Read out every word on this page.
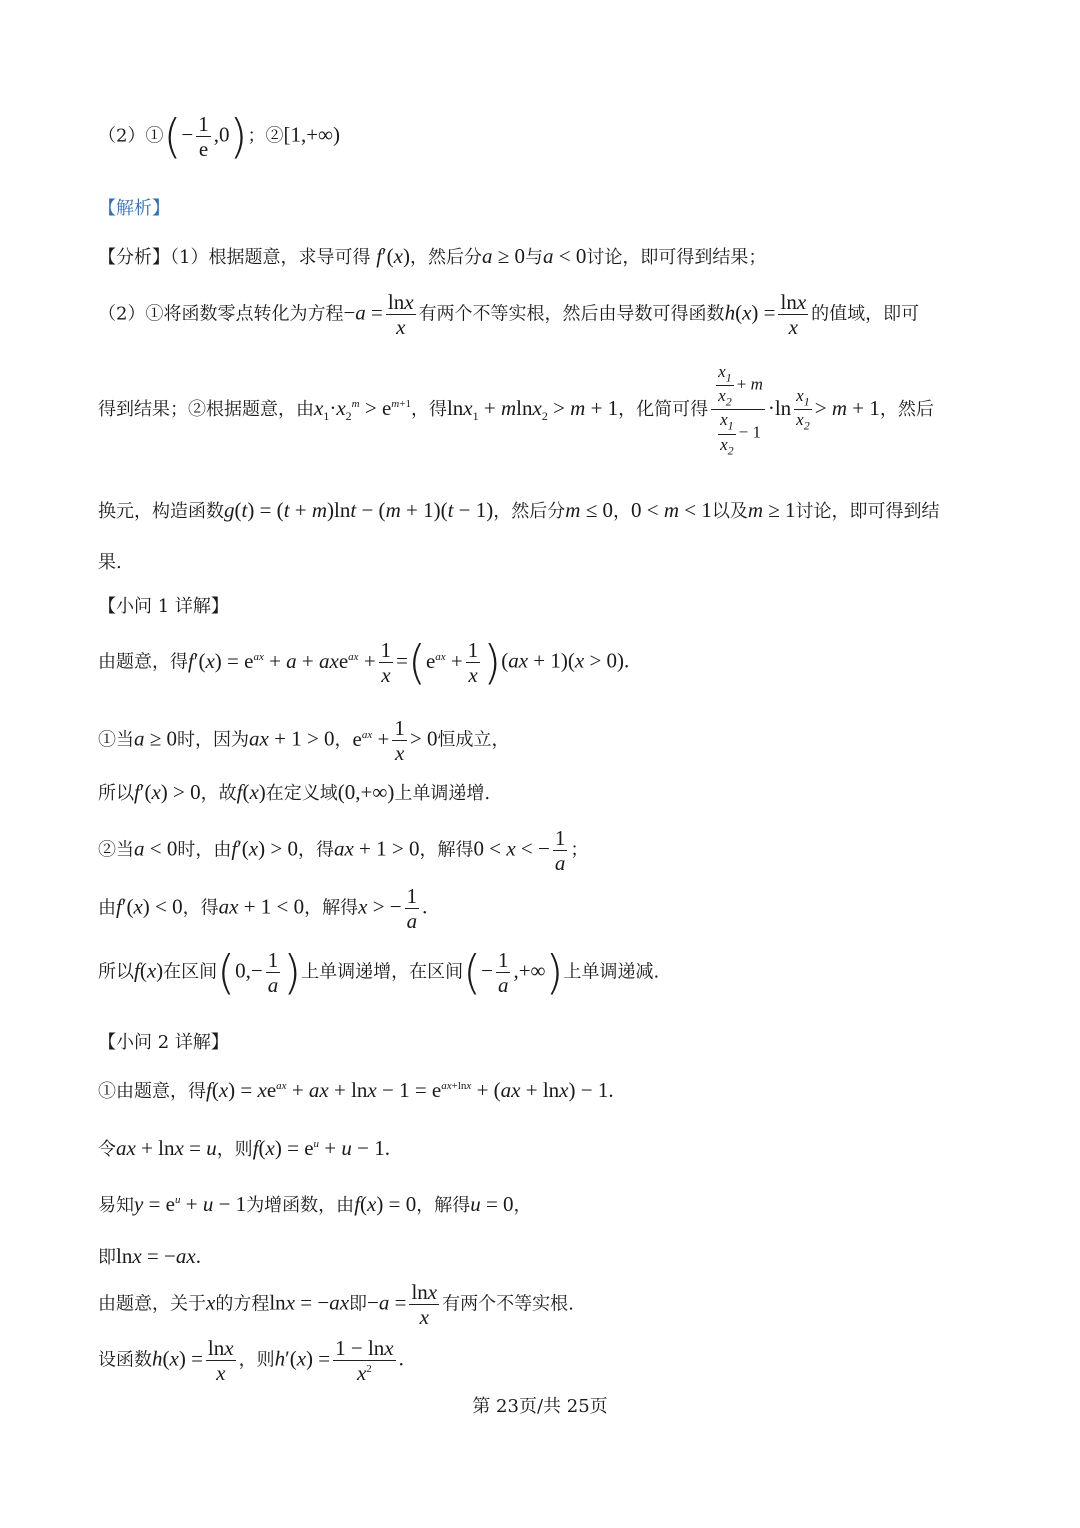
（2）①(− $\frac{1}{e} ,0$)；②[1,+∞)
【解析】
【分析】（1）根据题意，求导可得 f′(x)，然后分a ≥ 0与a < 0讨论，即可得到结果；
（2）①将函数零点转化为方程$-a = \frac{\ln x}{x}$ 有两个不等实根，然后由导数可得函数$h(x) = \frac{\ln x}{x}$ 的值域，即可
得到结果；②根据题意，由$x_1\cdot x_2^m > e^{m+1}$，得lnx$_1$ + mlnx$_2$ > m + 1，化简可得 $\frac{\frac{x_1}{x_2} + m}{\frac{x_1}{x_2} - 1} \cdot\ln \frac{x_1}{x_2} > m + 1$，然后
换元，构造函数g(t) = (t + m)lnt − (m + 1)(t − 1)，然后分m ≤ 0，0 < m < 1以及m ≥ 1讨论，即可得到结
果.
【小问 1 详解】
由题意，得$f'(x) = e^{ax} + a + axe^{ax} + \frac{1}{x} =(e^{ax} + \frac{1}{x} )(ax + 1)(x > 0)$.
①当a ≥ 0时，因为ax + 1 > 0，$e^{ax} + \frac{1}{x} > 0$恒成立，
所以f′(x) > 0，故f(x)在定义域(0,+∞)上单调递增.
②当a < 0时，由f′(x) > 0，得ax + 1 > 0，解得0 < x < − $\frac{1}{a}$ ；
由f′(x) < 0，得ax + 1 < 0，解得x > − $\frac{1}{a}$ .
所以f(x)在区间($0,- \frac{1}{a}$ )上单调递增，在区间(− $\frac{1}{a}$ ,+∞)上单调递减.
【小问 2 详解】
①由题意，得$f(x) = xe^{ax}$ + ax + $\ln x - 1 = e^{ax+lnx} + (ax + \ln x) - 1$.
令ax + lnx = u，则$f(x) = e^u + u - 1$.
易知$y = e^u + u - 1$为增函数，由f(x) = 0，解得u = 0，
即lnx = −ax.
由题意，关于x的方程lnx = −ax即$-a = \frac{\ln x}{x}$ 有两个不等实根.
设函数$h(x) = \frac{\ln x}{x}$ ，则$h'(x) = \frac{1 - \ln x}{x^2}$ .
第 23页/共 25页
